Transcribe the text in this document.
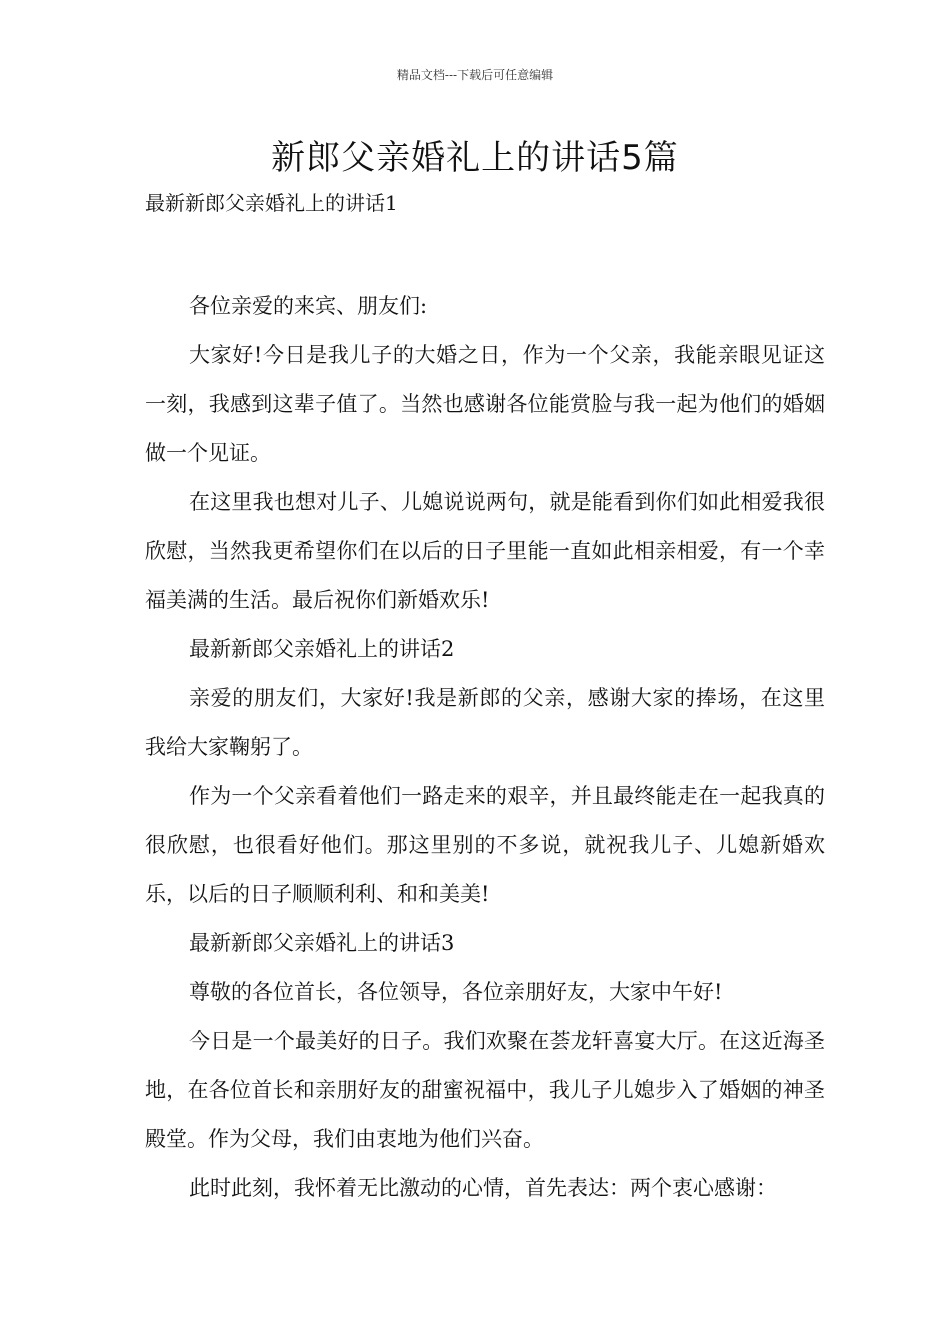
精品文档---下载后可任意编辑
新郎父亲婚礼上的讲话5篇
最新新郎父亲婚礼上的讲话1

各位亲爱的来宾、朋友们:

大家好!今日是我儿子的大婚之日，作为一个父亲，我能亲眼见证这一刻，我感到这辈子值了。当然也感谢各位能赏脸与我一起为他们的婚姻做一个见证。

在这里我也想对儿子、儿媳说说两句，就是能看到你们如此相爱我很欣慰，当然我更希望你们在以后的日子里能一直如此相亲相爱，有一个幸福美满的生活。最后祝你们新婚欢乐!

最新新郎父亲婚礼上的讲话2

亲爱的朋友们，大家好!我是新郎的父亲，感谢大家的捧场，在这里我给大家鞠躬了。

作为一个父亲看着他们一路走来的艰辛，并且最终能走在一起我真的很欣慰，也很看好他们。那这里别的不多说，就祝我儿子、儿媳新婚欢乐，以后的日子顺顺利利、和和美美!

最新新郎父亲婚礼上的讲话3

尊敬的各位首长，各位领导，各位亲朋好友，大家中午好!

今日是一个最美好的日子。我们欢聚在荟龙轩喜宴大厅。在这近海圣地，在各位首长和亲朋好友的甜蜜祝福中，我儿子儿媳步入了婚姻的神圣殿堂。作为父母，我们由衷地为他们兴奋。

此时此刻，我怀着无比激动的心情，首先表达：两个衷心感谢：
